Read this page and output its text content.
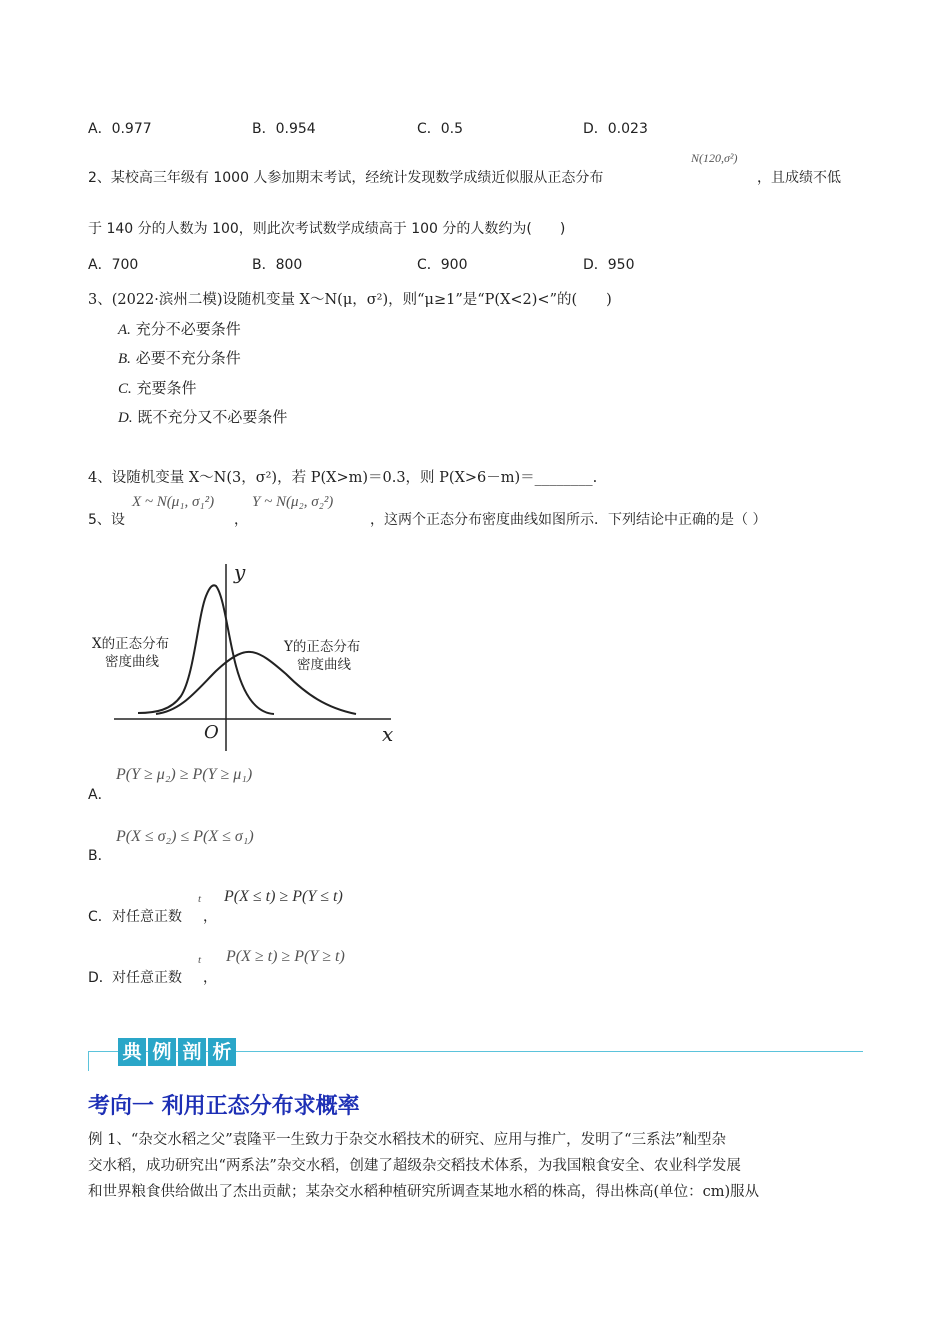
A．0.977	B．0.954	C．0.5	D．0.023
2、某校高三年级有 1000 人参加期末考试，经统计发现数学成绩近似服从正态分布
N(120,σ²)
，且成绩不低
于 140 分的人数为 100，则此次考试数学成绩高于 100 分的人数约为(　　)
A．700	B．800	C．900	D．950
3、(2022·滨州二模)设随机变量 X～N(μ，σ²)，则“μ≥1”是“P(X<2)<”的(　　)
A. 充分不必要条件
B. 必要不充分条件
C. 充要条件
D. 既不充分又不必要条件
4、设随机变量 X～N(3，σ²)，若 P(X>m)＝0.3，则 P(X>6－m)＝________.
5、设
X ~ N(μ₁, σ₁²)
，
Y ~ N(μ₂, σ₂²)
，这两个正态分布密度曲线如图所示．下列结论中正确的是（ ）
y
x
O
X的正态分布
密度曲线
Y的正态分布
密度曲线
A．
P(Y ≥ μ₂) ≥ P(Y ≥ μ₁)
B．
P(X ≤ σ₂) ≤ P(X ≤ σ₁)
C． 对任意正数
t
，
P(X ≤ t) ≥ P(Y ≤ t)
D． 对任意正数
t
，
P(X ≥ t) ≥ P(Y ≥ t)
典 例 剖 析
考向一 利用正态分布求概率
例 1、“杂交水稻之父”袁隆平一生致力于杂交水稻技术的研究、应用与推广，发明了“三系法”籼型杂
交水稻，成功研究出“两系法”杂交水稻，创建了超级杂交稻技术体系，为我国粮食安全、农业科学发展
和世界粮食供给做出了杰出贡献；某杂交水稻种植研究所调查某地水稻的株高，得出株高(单位：cm)服从
